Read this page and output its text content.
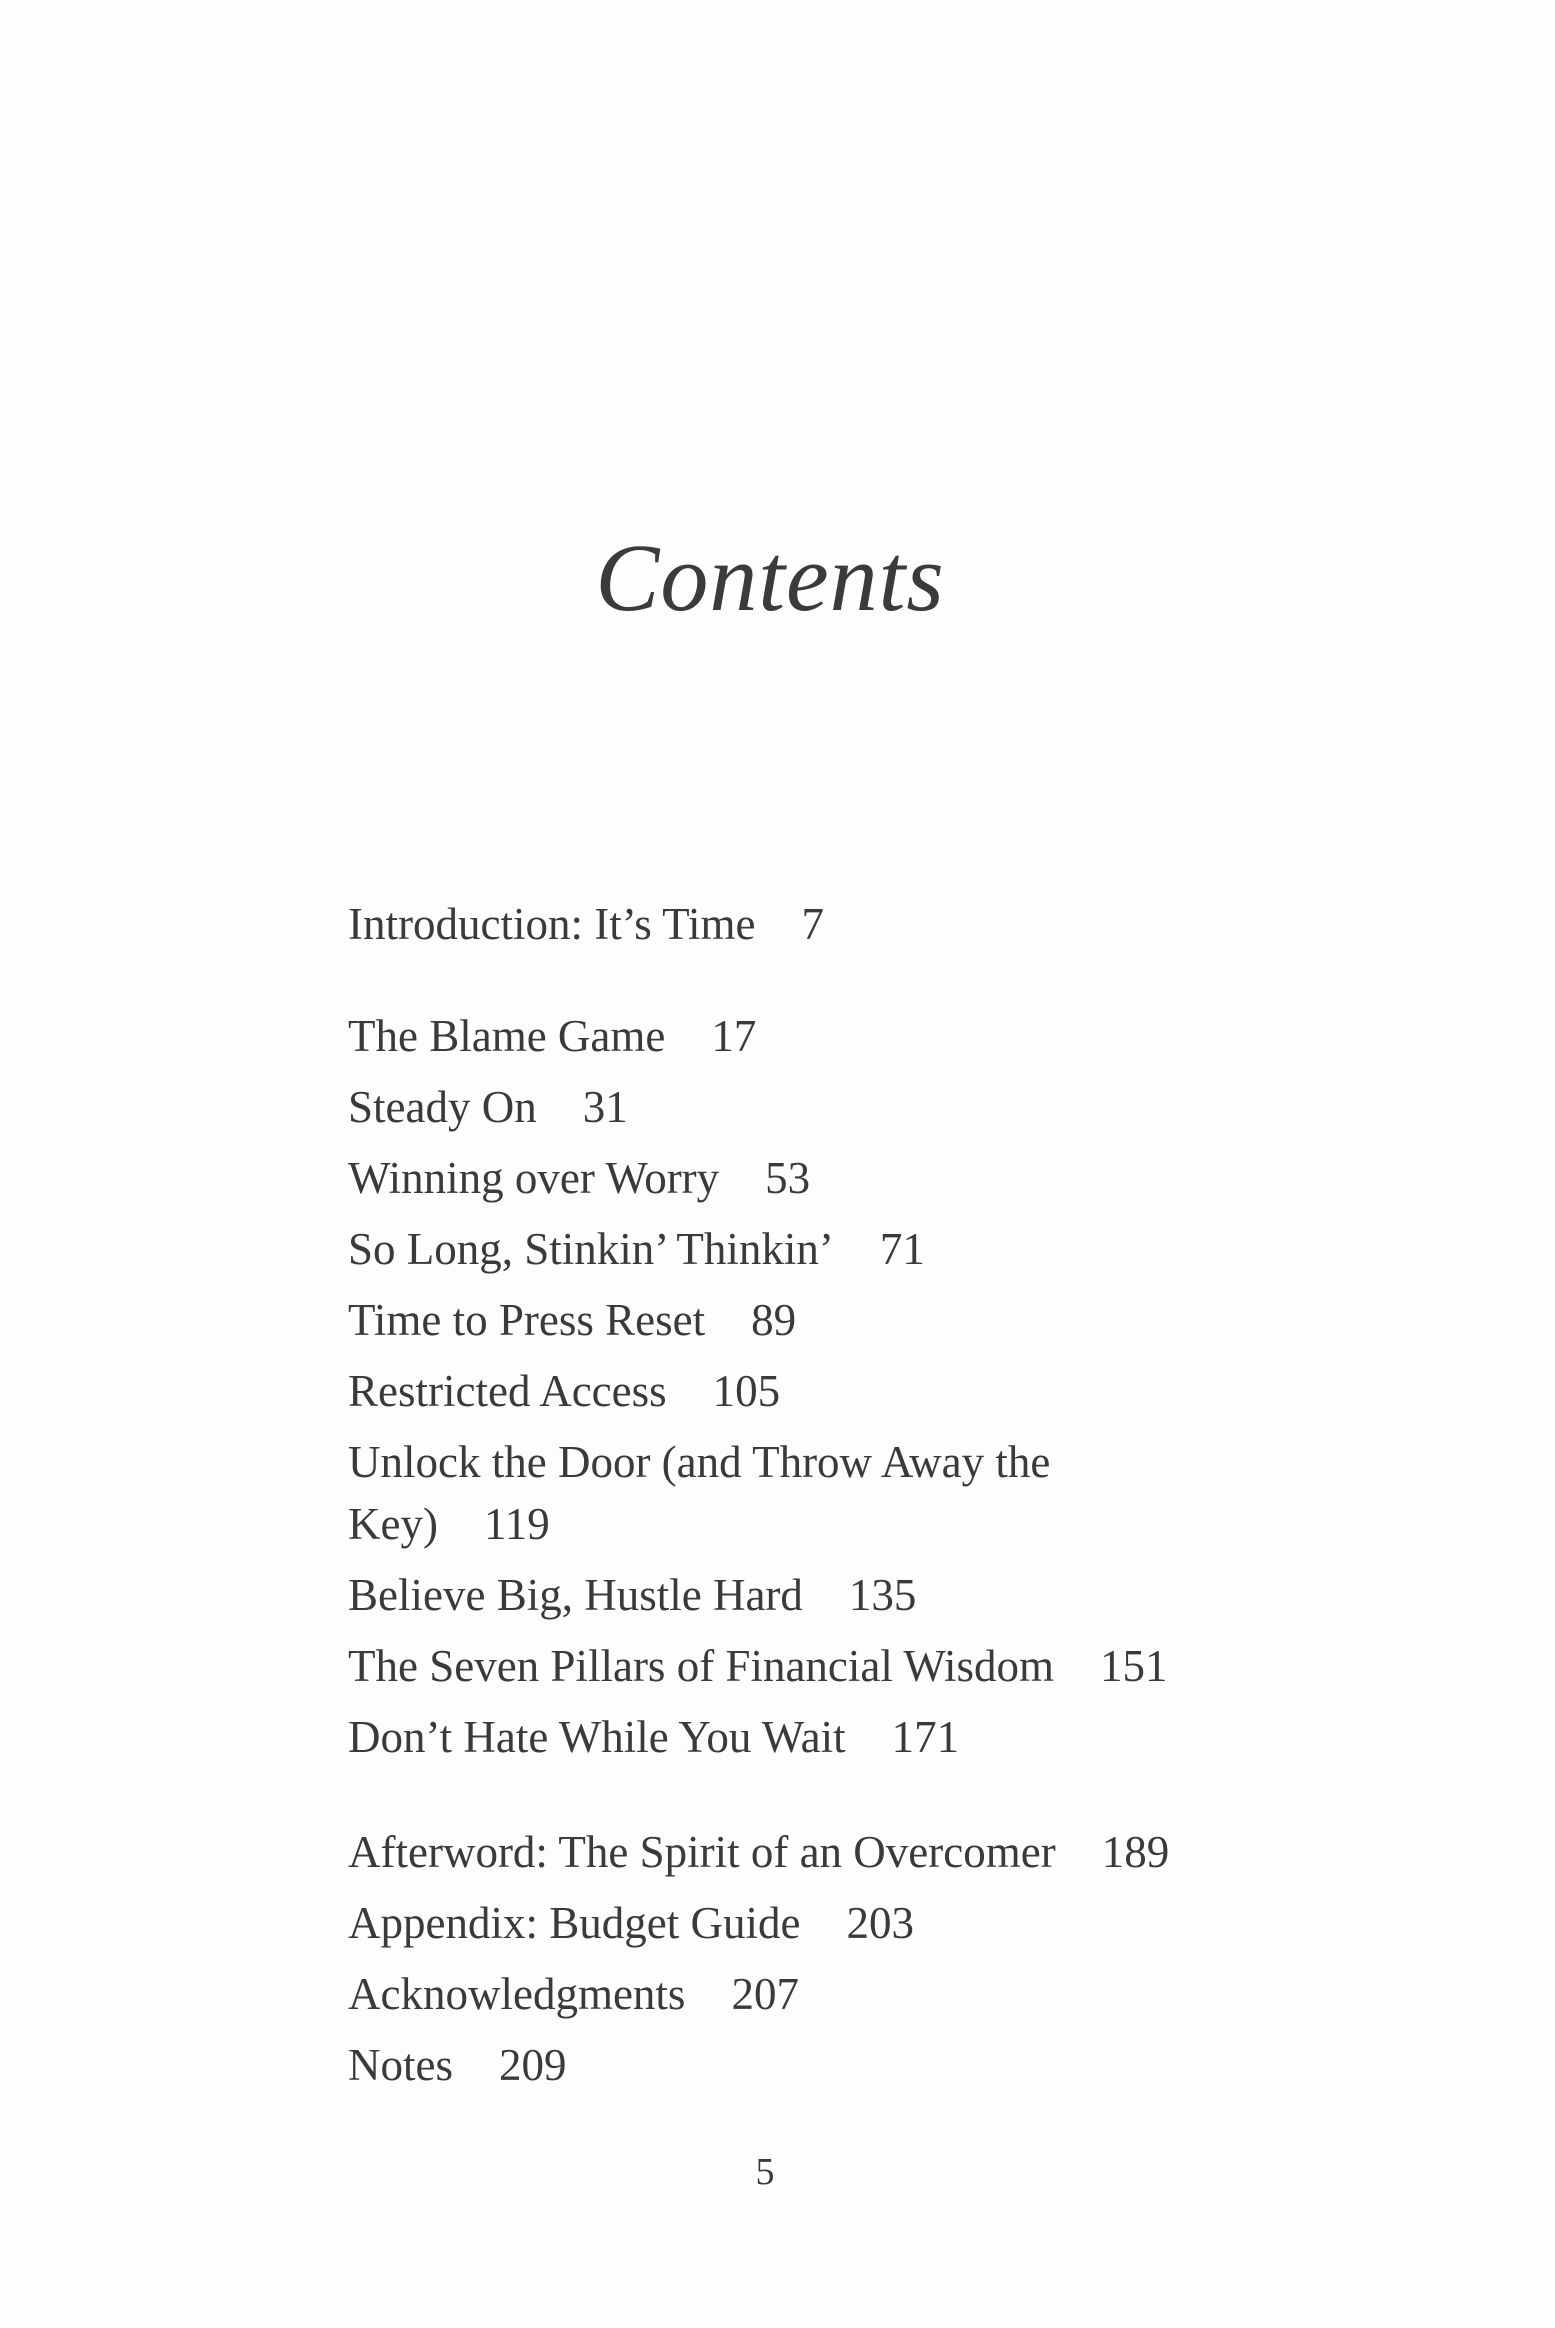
Contents
Introduction: It’s Time 7
The Blame Game 17
Steady On 31
Winning over Worry 53
So Long, Stinkin’ Thinkin’ 71
Time to Press Reset 89
Restricted Access 105
Unlock the Door (and Throw Away the
Key) 119
Believe Big, Hustle Hard 135
The Seven Pillars of Financial Wisdom 151
Don’t Hate While You Wait 171
Afterword: The Spirit of an Overcomer 189
Appendix: Budget Guide 203
Acknowledgments 207
Notes 209
5
